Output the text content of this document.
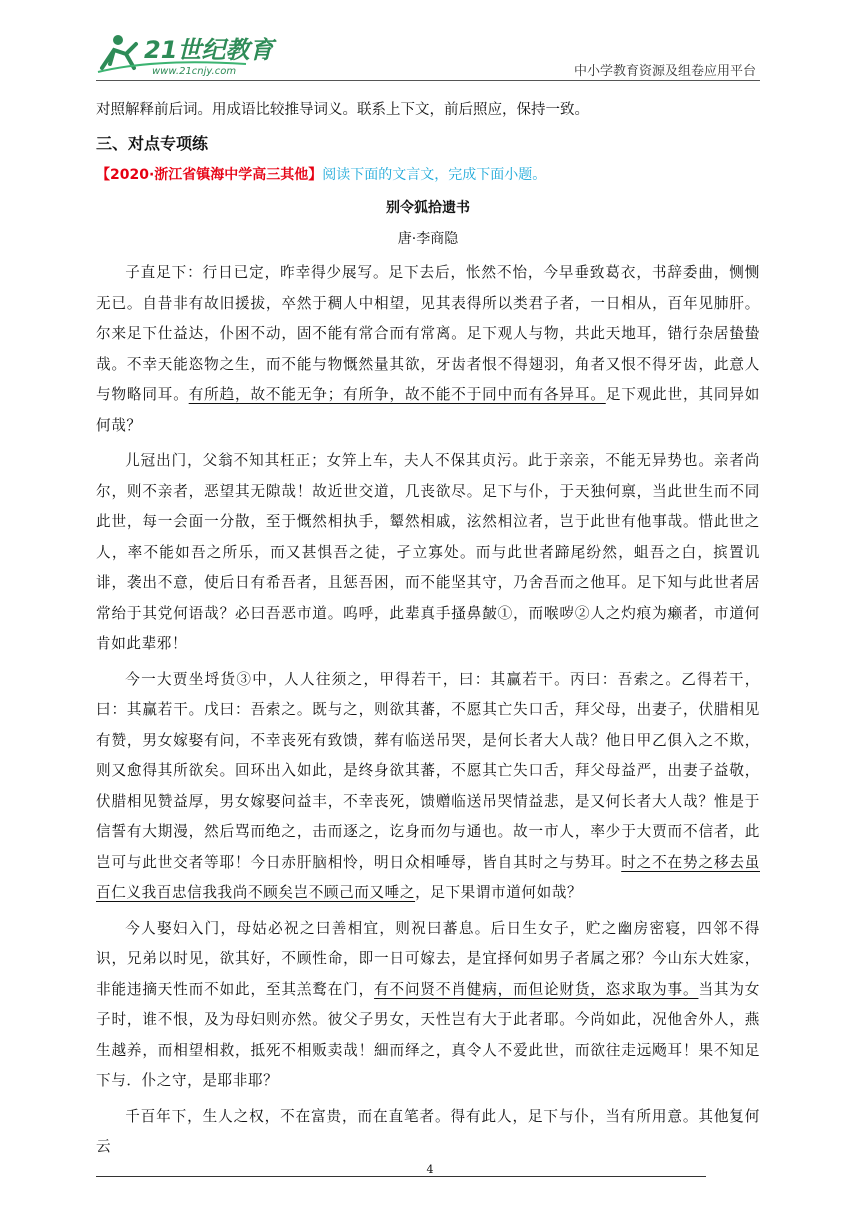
21世纪教育
www.21cnjy.com	中小学教育资源及组卷应用平台

对照解释前后词。用成语比较推导词义。联系上下文，前后照应，保持一致。

三、对点专项练
【2020·浙江省镇海中学高三其他】阅读下面的文言文，完成下面小题。
别令狐拾遗书
唐·李商隐

子直足下：行日已定，昨幸得少展写。足下去后，怅然不怡，今早垂致葛衣，书辞委曲，恻恻无已。自昔非有故旧援拔，卒然于稠人中相望，见其表得所以类君子者，一日相从，百年见肺肝。尔来足下仕益达，仆困不动，固不能有常合而有常离。足下观人与物，共此天地耳，错行杂居蛰蛰哉。不幸天能恣物之生，而不能与物慨然量其欲，牙齿者恨不得翅羽，角者又恨不得牙齿，此意人与物略同耳。有所趋，故不能无争；有所争，故不能不于同中而有各异耳。足下观此世，其同异如何哉？

儿冠出门，父翁不知其枉正；女笄上车，夫人不保其贞污。此于亲亲，不能无异势也。亲者尚尔，则不亲者，恶望其无隙哉！故近世交道，几丧欲尽。足下与仆，于天独何禀，当此世生而不同此世，每一会面一分散，至于慨然相执手，颦然相戚，泫然相泣者，岂于此世有他事哉。惜此世之人，率不能如吾之所乐，而又甚惧吾之徒，孑立寡处。而与此世者蹄尾纷然，蛆吾之白，摈置讥诽，袭出不意，使后日有希吾者，且惩吾困，而不能坚其守，乃舍吾而之他耳。足下知与此世者居常绐于其党何语哉？必曰吾恶市道。呜呼，此辈真手搔鼻皶①，而喉哕②人之灼痕为癞者，市道何肯如此辈邪！

今一大贾坐埒货③中，人人往须之，甲得若干，曰：其赢若干。丙曰：吾索之。乙得若干，曰：其赢若干。戊曰：吾索之。既与之，则欲其蕃，不愿其亡失口舌，拜父母，出妻子，伏腊相见有赞，男女嫁娶有问，不幸丧死有致馈，葬有临送吊哭，是何长者大人哉？他日甲乙俱入之不欺，则又愈得其所欲矣。回环出入如此，是终身欲其蕃，不愿其亡失口舌，拜父母益严，出妻子益敬，伏腊相见赞益厚，男女嫁娶问益丰，不幸丧死，馈赠临送吊哭情益悲，是又何长者大人哉？惟是于信誓有大期漫，然后骂而绝之，击而逐之，讫身而勿与通也。故一市人，率少于大贾而不信者，此岂可与此世交者等耶！今日赤肝脑相怜，明日众相唾辱，皆自其时之与势耳。时之不在势之移去虽百仁义我百忠信我我尚不顾矣岂不顾己而又唾之，足下果谓市道何如哉？

今人娶妇入门，母姑必祝之曰善相宜，则祝曰蕃息。后日生女子，贮之幽房密寝，四邻不得识，兄弟以时见，欲其好，不顾性命，即一日可嫁去，是宜择何如男子者属之邪？今山东大姓家，非能违摘天性而不如此，至其羔鹜在门，有不问贤不肖健病，而但论财货，恣求取为事。当其为女子时，谁不恨，及为母妇则亦然。彼父子男女，天性岂有大于此者耶。今尚如此，况他舍外人，燕生越养，而相望相救，抵死不相贩卖哉！細而绎之，真令人不爱此世，而欲往走远飏耳！果不知足下与．仆之守，是耶非耶？

千百年下，生人之权，不在富贵，而在直笔者。得有此人，足下与仆，当有所用意。其他复何云

4
